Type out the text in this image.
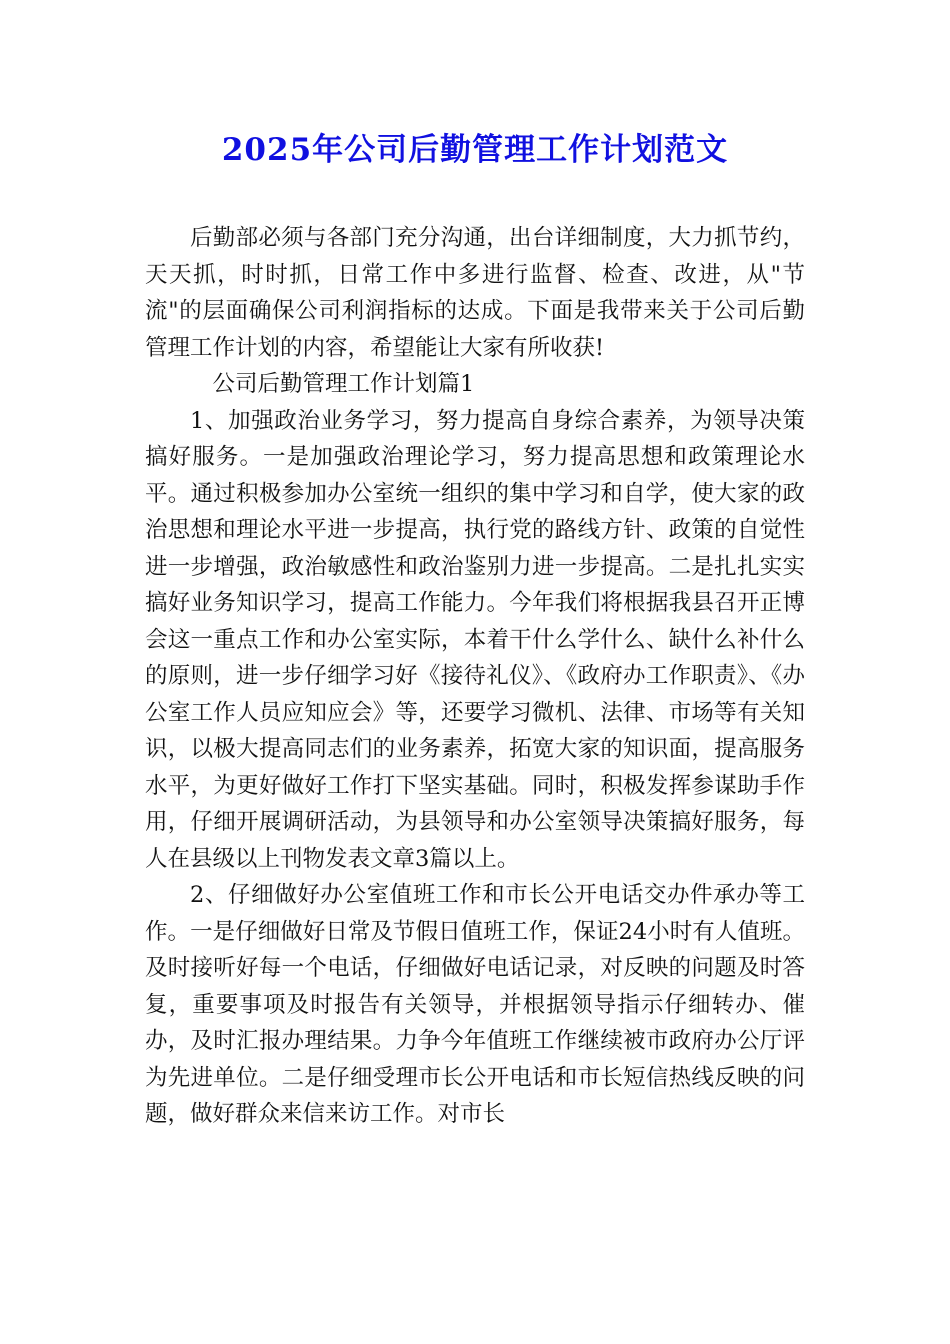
2025年公司后勤管理工作计划范文

后勤部必须与各部门充分沟通，出台详细制度，大力抓节约，天天抓，时时抓，日常工作中多进行监督、检查、改进，从"节流"的层面确保公司利润指标的达成。下面是我带来关于公司后勤管理工作计划的内容，希望能让大家有所收获!

公司后勤管理工作计划篇1

1、加强政治业务学习，努力提高自身综合素养，为领导决策搞好服务。一是加强政治理论学习，努力提高思想和政策理论水平。通过积极参加办公室统一组织的集中学习和自学，使大家的政治思想和理论水平进一步提高，执行党的路线方针、政策的自觉性进一步增强，政治敏感性和政治鉴别力进一步提高。二是扎扎实实搞好业务知识学习，提高工作能力。今年我们将根据我县召开正博会这一重点工作和办公室实际，本着干什么学什么、缺什么补什么的原则，进一步仔细学习好《接待礼仪》、《政府办工作职责》、《办公室工作人员应知应会》等，还要学习微机、法律、市场等有关知识，以极大提高同志们的业务素养，拓宽大家的知识面，提高服务水平，为更好做好工作打下坚实基础。同时，积极发挥参谋助手作用，仔细开展调研活动，为县领导和办公室领导决策搞好服务，每人在县级以上刊物发表文章3篇以上。

2、仔细做好办公室值班工作和市长公开电话交办件承办等工作。一是仔细做好日常及节假日值班工作，保证24小时有人值班。及时接听好每一个电话，仔细做好电话记录，对反映的问题及时答复，重要事项及时报告有关领导，并根据领导指示仔细转办、催办，及时汇报办理结果。力争今年值班工作继续被市政府办公厅评为先进单位。二是仔细受理市长公开电话和市长短信热线反映的问题，做好群众来信来访工作。对市长
